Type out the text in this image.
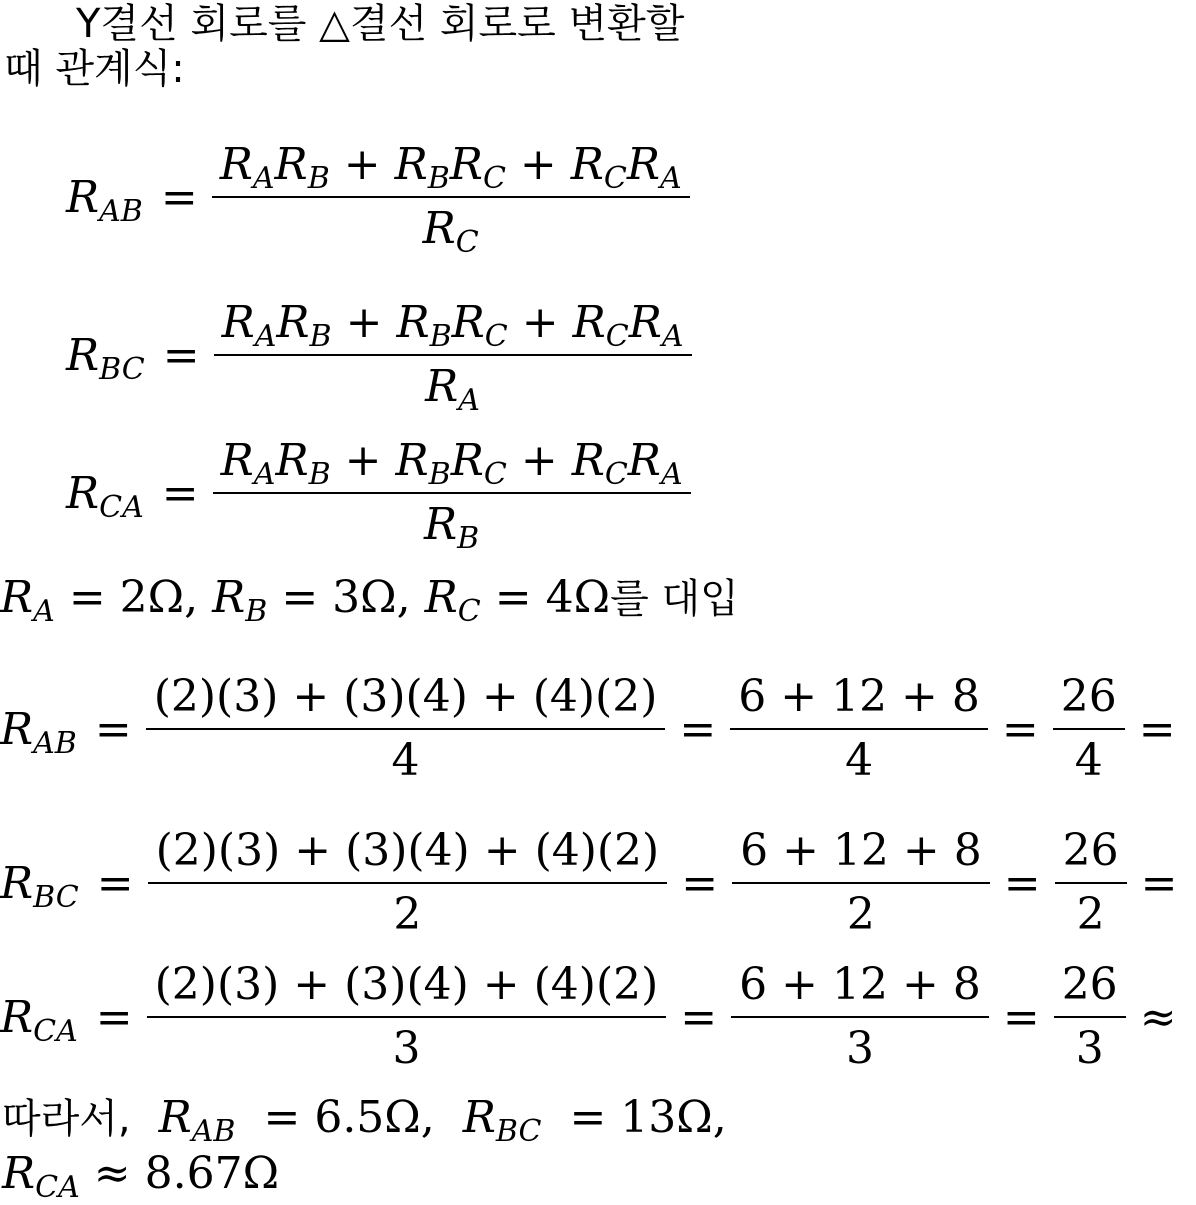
Y결선 회로를 △결선 회로로 변환할
때 관계식:
$R_{AB} = \frac{R_AR_B + R_BR_C + R_CR_A}{R_C}$
$R_{BC} = \frac{R_AR_B + R_BR_C + R_CR_A}{R_A}$
$R_{CA} = \frac{R_AR_B + R_BR_C + R_CR_A}{R_B}$
$R_A = 2\Omega$, $R_B = 3\Omega$, $R_C = 4\Omega$를 대입
$R_{AB} = \frac{(2)(3) + (3)(4) + (4)(2)}{4} = \frac{6 + 12 + 8}{4} = \frac{26}{4}$ =
$R_{BC} = \frac{(2)(3) + (3)(4) + (4)(2)}{2} = \frac{6 + 12 + 8}{2} = \frac{26}{2}$ =
$R_{CA} = \frac{(2)(3) + (3)(4) + (4)(2)}{3} = \frac{6 + 12 + 8}{3} = \frac{26}{3}$ ≈
따라서, $R_{AB} = 6.5\Omega$, $R_{BC} = 13\Omega$,
$R_{CA} \approx 8.67\Omega$
